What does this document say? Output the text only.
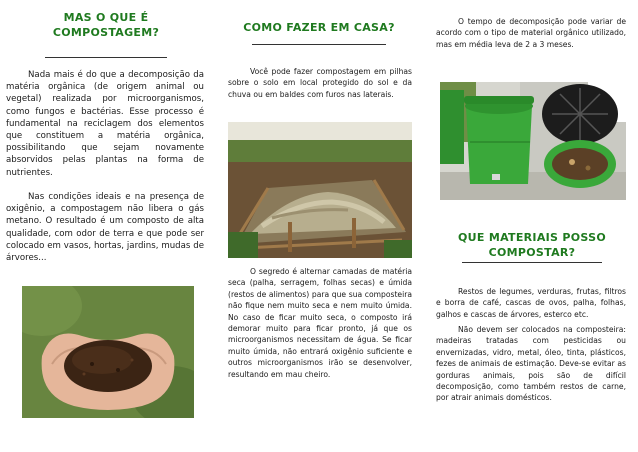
MAS O QUE É COMPOSTAGEM?

Nada mais é do que a decomposição da matéria orgânica (de origem animal ou vegetal) realizada por microorganismos, como fungos e bactérias. Esse processo é fundamental na reciclagem dos elementos que constituem a matéria orgânica, possibilitando que sejam novamente absorvidos pelas plantas na forma de nutrientes.

Nas condições ideais e na presença de oxigênio, a compostagem não libera o gás metano. O resultado é um composto de alta qualidade, com odor de terra e que pode ser colocado em vasos, hortas, jardins, mudas de árvores...

COMO FAZER EM CASA?

Você pode fazer compostagem em pilhas sobre o solo em local protegido do sol e da chuva ou em baldes com furos nas laterais.

O segredo é alternar camadas de matéria seca (palha, serragem, folhas secas) e úmida (restos de alimentos) para que sua composteira não fique nem muito seca e nem muito úmida. No caso de ficar muito seca, o composto irá demorar muito para ficar pronto, já que os microorganismos necessitam de água. Se ficar muito úmida, não entrará oxigênio suficiente e outros microorganismos irão se desenvolver, resultando em mau cheiro.

O tempo de decomposição pode variar de acordo com o tipo de material orgânico utilizado, mas em média leva de 2 a 3 meses.

QUE MATERIAIS POSSO COMPOSTAR?

Restos de legumes, verduras, frutas, filtros e borra de café, cascas de ovos, palha, folhas, galhos e cascas de árvores, esterco etc.

Não devem ser colocados na composteira: madeiras tratadas com pesticidas ou envernizadas, vidro, metal, óleo, tinta, plásticos, fezes de animais de estimação. Deve-se evitar as gorduras animais, pois são de difícil decomposição, como também restos de carne, por atrair animais domésticos.
